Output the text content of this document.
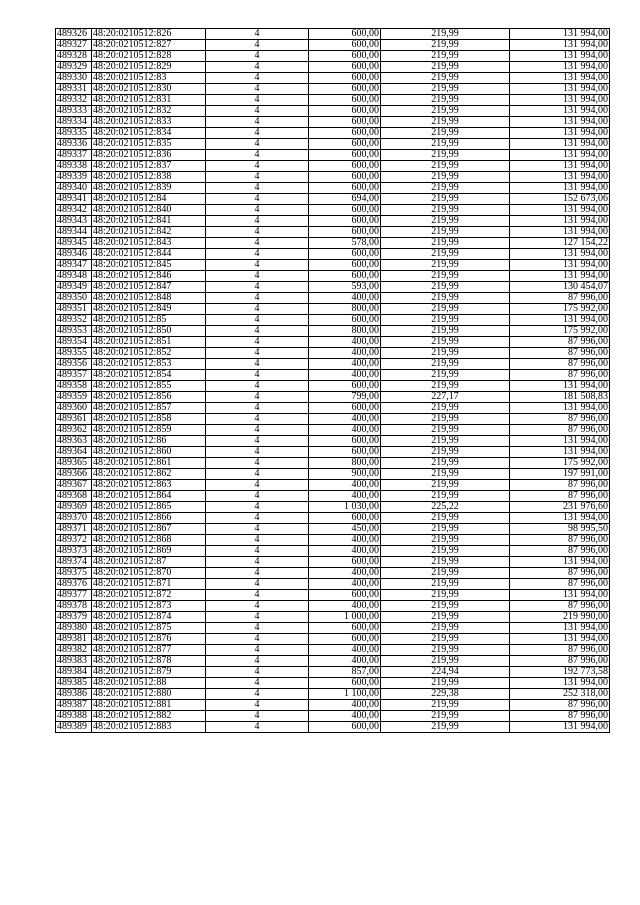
489326	48:20:0210512:826	4	600,00	219,99	131 994,00
489327	48:20:0210512:827	4	600,00	219,99	131 994,00
489328	48:20:0210512:828	4	600,00	219,99	131 994,00
489329	48:20:0210512:829	4	600,00	219,99	131 994,00
489330	48:20:0210512:83	4	600,00	219,99	131 994,00
489331	48:20:0210512:830	4	600,00	219,99	131 994,00
489332	48:20:0210512:831	4	600,00	219,99	131 994,00
489333	48:20:0210512:832	4	600,00	219,99	131 994,00
489334	48:20:0210512:833	4	600,00	219,99	131 994,00
489335	48:20:0210512:834	4	600,00	219,99	131 994,00
489336	48:20:0210512:835	4	600,00	219,99	131 994,00
489337	48:20:0210512:836	4	600,00	219,99	131 994,00
489338	48:20:0210512:837	4	600,00	219,99	131 994,00
489339	48:20:0210512:838	4	600,00	219,99	131 994,00
489340	48:20:0210512:839	4	600,00	219,99	131 994,00
489341	48:20:0210512:84	4	694,00	219,99	152 673,06
489342	48:20:0210512:840	4	600,00	219,99	131 994,00
489343	48:20:0210512:841	4	600,00	219,99	131 994,00
489344	48:20:0210512:842	4	600,00	219,99	131 994,00
489345	48:20:0210512:843	4	578,00	219,99	127 154,22
489346	48:20:0210512:844	4	600,00	219,99	131 994,00
489347	48:20:0210512:845	4	600,00	219,99	131 994,00
489348	48:20:0210512:846	4	600,00	219,99	131 994,00
489349	48:20:0210512:847	4	593,00	219,99	130 454,07
489350	48:20:0210512:848	4	400,00	219,99	87 996,00
489351	48:20:0210512:849	4	800,00	219,99	175 992,00
489352	48:20:0210512:85	4	600,00	219,99	131 994,00
489353	48:20:0210512:850	4	800,00	219,99	175 992,00
489354	48:20:0210512:851	4	400,00	219,99	87 996,00
489355	48:20:0210512:852	4	400,00	219,99	87 996,00
489356	48:20:0210512:853	4	400,00	219,99	87 996,00
489357	48:20:0210512:854	4	400,00	219,99	87 996,00
489358	48:20:0210512:855	4	600,00	219,99	131 994,00
489359	48:20:0210512:856	4	799,00	227,17	181 508,83
489360	48:20:0210512:857	4	600,00	219,99	131 994,00
489361	48:20:0210512:858	4	400,00	219,99	87 996,00
489362	48:20:0210512:859	4	400,00	219,99	87 996,00
489363	48:20:0210512:86	4	600,00	219,99	131 994,00
489364	48:20:0210512:860	4	600,00	219,99	131 994,00
489365	48:20:0210512:861	4	800,00	219,99	175 992,00
489366	48:20:0210512:862	4	900,00	219,99	197 991,00
489367	48:20:0210512:863	4	400,00	219,99	87 996,00
489368	48:20:0210512:864	4	400,00	219,99	87 996,00
489369	48:20:0210512:865	4	1 030,00	225,22	231 976,60
489370	48:20:0210512:866	4	600,00	219,99	131 994,00
489371	48:20:0210512:867	4	450,00	219,99	98 995,50
489372	48:20:0210512:868	4	400,00	219,99	87 996,00
489373	48:20:0210512:869	4	400,00	219,99	87 996,00
489374	48:20:0210512:87	4	600,00	219,99	131 994,00
489375	48:20:0210512:870	4	400,00	219,99	87 996,00
489376	48:20:0210512:871	4	400,00	219,99	87 996,00
489377	48:20:0210512:872	4	600,00	219,99	131 994,00
489378	48:20:0210512:873	4	400,00	219,99	87 996,00
489379	48:20:0210512:874	4	1 000,00	219,99	219 990,00
489380	48:20:0210512:875	4	600,00	219,99	131 994,00
489381	48:20:0210512:876	4	600,00	219,99	131 994,00
489382	48:20:0210512:877	4	400,00	219,99	87 996,00
489383	48:20:0210512:878	4	400,00	219,99	87 996,00
489384	48:20:0210512:879	4	857,00	224,94	192 773,58
489385	48:20:0210512:88	4	600,00	219,99	131 994,00
489386	48:20:0210512:880	4	1 100,00	229,38	252 318,00
489387	48:20:0210512:881	4	400,00	219,99	87 996,00
489388	48:20:0210512:882	4	400,00	219,99	87 996,00
489389	48:20:0210512:883	4	600,00	219,99	131 994,00
